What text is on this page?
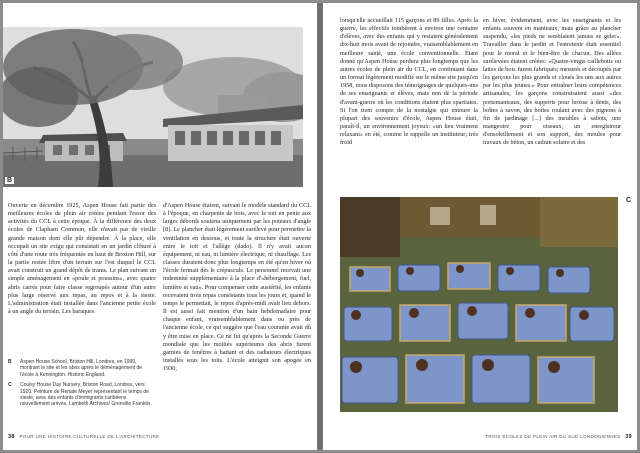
B

Ouverte en décembre 1925, Aspen House fait partie des meilleures écoles de plein air créées pendant l'essor des activités du CCL à cette époque. À la différence des deux écoles de Clapham Common, elle n'avait pas de vieille grande maison dont elle pût dépendre. À la place, elle occupait un site exigu qui consistait en un jardin clôturé à côté d'une route très fréquentée en haut de Brixton Hill, sur la partie restée libre d'un terrain sur l'est duquel le CCL avait construit un grand dépôt de trams. Le plan suivant un simple aménagement en «poule et poussins», avec quatre abris carrés pour faire classe regroupés autour d'un autre plus large réservé aux repas, au repos et à la sieste. L'administration était installée dans l'ancienne petite école à un angle du terrain. Les baraques

B	Aspen House School, Brixton Hill, Londres, en 1999, montrant le site et les abris après le déménagement de l'école à Kennington. Historic England.
C	Coulsy House Day Nursery, Brixton Road, Londres, vers 1920. Peinture de Renate Meyer représentant le temps de sieste, avec des enfants d'immigrants caribéens nouvellement arrivés. Lambeth Archives/ Grenville Franklin.

d'Aspen House étaient, suivant le modèle standard du CCL à l'époque, en charpente de bois, avec le toit en pente aux larges débords soutenu uniquement par les poteaux d'angle [8]. Le plancher était légèrement surélevé pour permettre la ventilation en dessous, et toute la structure était ouverte entre le toit et l'allège (dado). Il n'y avait aucun équipement, ni eau, ni lumière électrique, ni chauffage. Les classes duraient donc plus longtemps en été qu'en hiver où l'école fermait dès le crépuscule. Le personnel recevait une indemnité supplémentaire à la place d'«hébergement, fuel, lumière et eau». Pour compenser cette austérité, les enfants recevaient trois repas consistants tous les jours et, quand le temps le permettait, le repos d'après-midi avait lieu dehors. Il est aussi fait mention d'un bain hebdomadaire pour chaque enfant, vraisemblablement dans ou près de l'ancienne école, ce qui suggère que l'eau courante avait dû y être mise en place. Ce ne fut qu'après la Seconde Guerre mondiale que les moitiés supérieures des abris furent garnies de fenêtres à battant et des radiateurs électriques installés sous les toits. L'école atteignit son apogée en 1930,

38 POUR UNE HISTOIRE CULTURELLE DE L'ARCHITECTURE

lorsqu'elle accueillait 115 garçons et 89 filles. Après la guerre, les effectifs tombèrent à environ une centaine d'élèves, avec des enfants qui y restaient généralement dix-huit mois avant de rejoindre, vraisemblablement en meilleure santé, une école conventionnelle. Étant donné qu'Aspen House perdura plus longtemps que les autres écoles de plein air du CCL, en continuant dans un format légèrement modifié sur le même site jusqu'en 1958, nous disposons des témoignages de quelques-uns de ses enseignants et élèves, mais non de la période d'avant-guerre où les conditions étaient plus spartiates. Si l'on tient compte de la nostalgie qui entoure la plupart des souvenirs d'école, Aspen House était, paraît-il, un environnement joyeux: «un lieu vraiment relaxant» en été, comme le rappelle un instituteur; très froid

en hiver, évidemment, avec les enseignants et les enfants souvent en manteaux, mais grâce au plancher suspendu, «les pieds ne semblaient jamais se geler». Travailler dans le jardin et l'entretenir était essentiel pour le moral et le bien-être de chacun. Des allées surélevées étaient créées: «Quatre-vingts caillebotis ou lattes de bois furent fabriqués; mesurés et découpés par les garçons les plus grands et cloués les uns aux autres par les plus jeunes.» Pour entraîner leurs compétences artisanales, les garçons construisaient aussi «des portemanteaux, des supports pour brosse à dents, des boîtes à savon, des boîtes roulant avec des pignons à fin de jardinage [...] des meubles à sabots, une mangeoire pour oiseaux, un enregistreur d'ensoleillement et son support, des moules pour travaux de béton, un cadran solaire et des

C
TROIS ÉCOLES DE PLEIN AIR DU SUD LONDONIENNES 39
